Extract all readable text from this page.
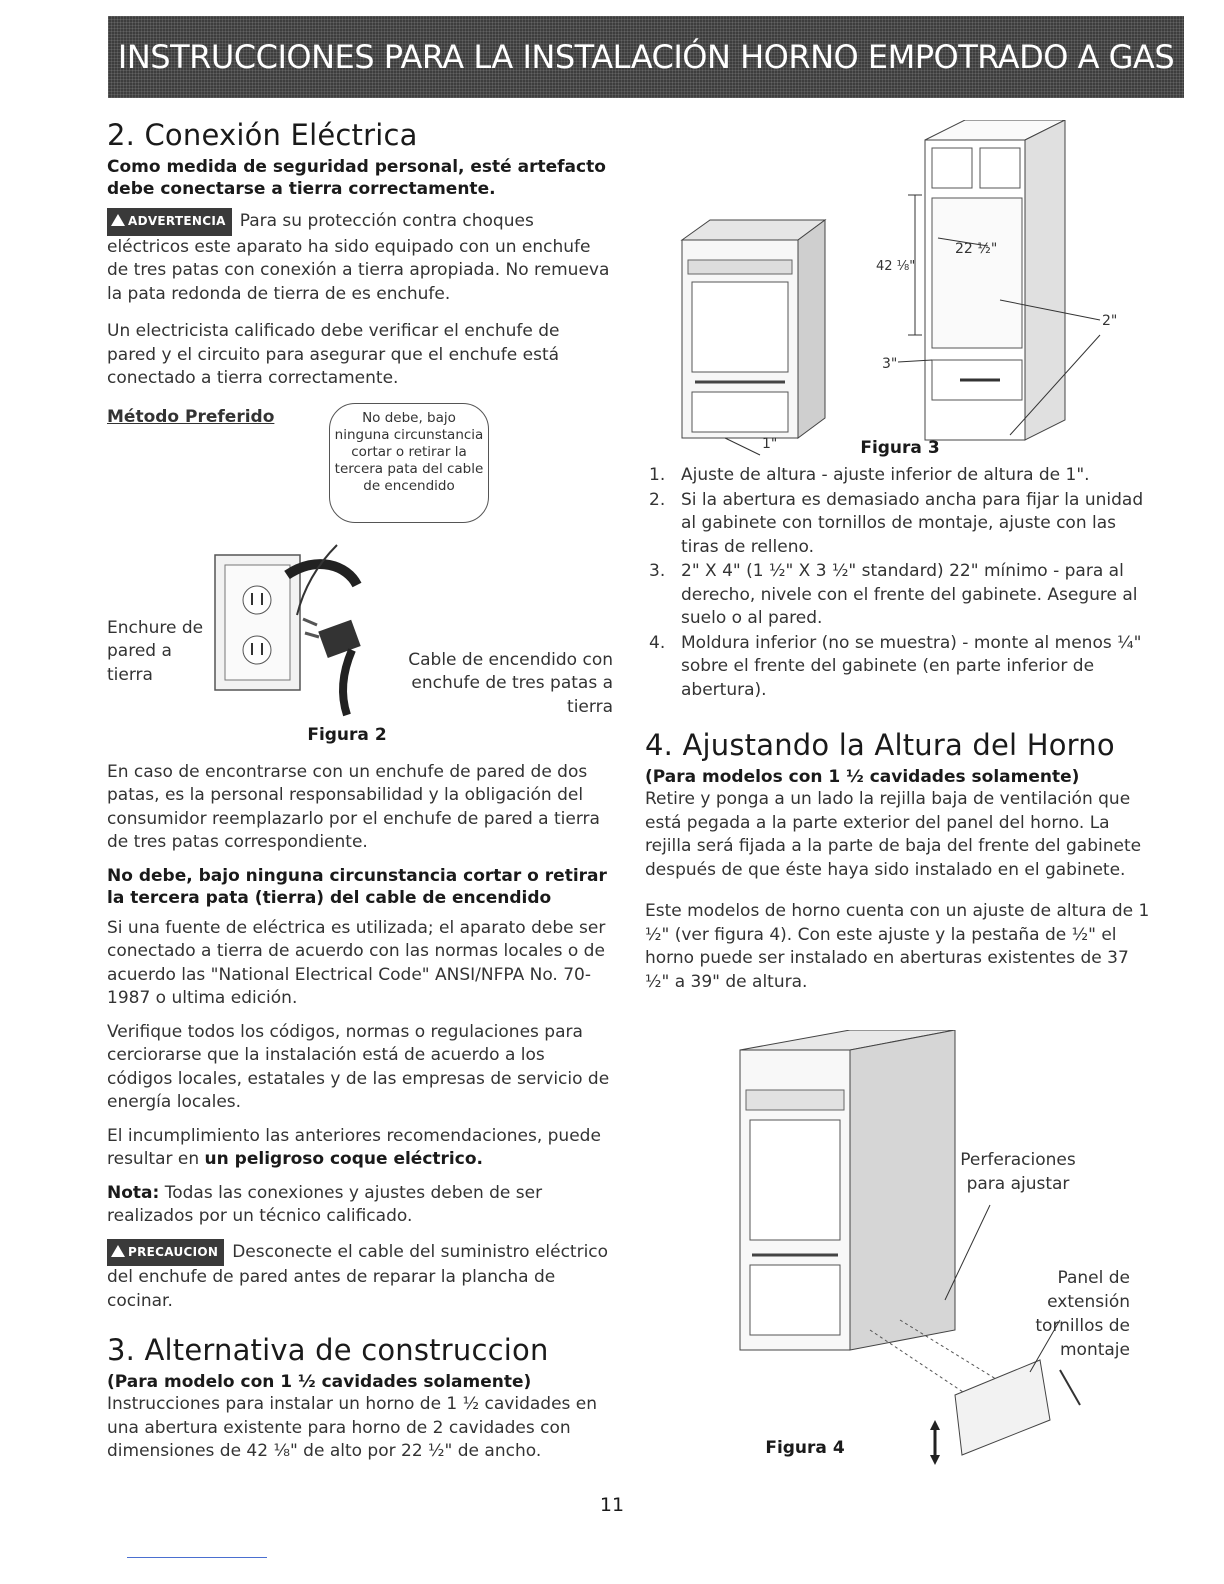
INSTRUCCIONES PARA LA INSTALACIÓN HORNO EMPOTRADO A GAS
2. Conexión Eléctrica
Como medida de seguridad personal, esté artefacto debe conectarse a tierra correctamente.

ADVERTENCIA Para su protección contra choques eléctricos este aparato ha sido equipado con un enchufe de tres patas con conexión a tierra apropiada. No remueva la pata redonda de tierra de es enchufe.

Un electricista calificado debe verificar el enchufe de pared y el circuito para asegurar que el enchufe está conectado a tierra correctamente.

Método Preferido	No debe, bajo ninguna circunstancia cortar o retirar la tercera pata del cable de encendido
Enchure de pared a tierra
Cable de encendido con enchufe de tres patas a tierra
Figura 2

En caso de encontrarse con un enchufe de pared de dos patas, es la personal responsabilidad y la obligación del consumidor reemplazarlo por el enchufe de pared a tierra de tres patas correspondiente.

No debe, bajo ninguna circunstancia cortar o retirar la tercera pata (tierra) del cable de encendido

Si una fuente de eléctrica es utilizada; el aparato debe ser conectado a tierra de acuerdo con las normas locales o de acuerdo las "National Electrical Code" ANSI/NFPA No. 70-1987 o ultima edición.

Verifique todos los códigos, normas o regulaciones para cerciorarse que la instalación está de acuerdo a los códigos locales, estatales y de las empresas de servicio de energía locales.

El incumplimiento las anteriores recomendaciones, puede resultar en un peligroso coque eléctrico.

Nota: Todas las conexiones y ajustes deben de ser realizados por un técnico calificado.

PRECAUCION Desconecte el cable del suministro eléctrico del enchufe de pared antes de reparar la plancha de cocinar.

3. Alternativa de construccion
(Para modelo con 1 ½ cavidades solamente)

Instrucciones para instalar un horno de 1 ½ cavidades en una abertura existente para horno de 2 cavidades con dimensiones de 42 ⅛" de alto por 22 ½" de ancho.

42 ⅛"
22 ½"
2"
3"
1"	Figura 3
1. Ajuste de altura - ajuste inferior de altura de 1".
2. Si la abertura es demasiado ancha para fijar la unidad al gabinete con tornillos de montaje, ajuste con las tiras de relleno.
3. 2" X 4" (1 ½" X 3 ½" standard) 22" mínimo - para al derecho, nivele con el frente del gabinete. Asegure al suelo o al pared.
4. Moldura inferior (no se muestra) - monte al menos ¼" sobre el frente del gabinete (en parte inferior de abertura).
4. Ajustando la Altura del Horno
(Para modelos con 1 ½ cavidades solamente)

Retire y ponga a un lado la rejilla baja de ventilación que está pegada a la parte exterior del panel del horno. La rejilla será fijada a la parte de baja del frente del gabinete después de que éste haya sido instalado en el gabinete.

Este modelos de horno cuenta con un ajuste de altura de 1 ½" (ver figura 4). Con este ajuste y la pestaña de ½" el horno puede ser instalado en aberturas existentes de 37 ½" a 39" de altura.

Perferaciones para ajustar
Panel de extensión tornillos de montaje
Figura 4
11
